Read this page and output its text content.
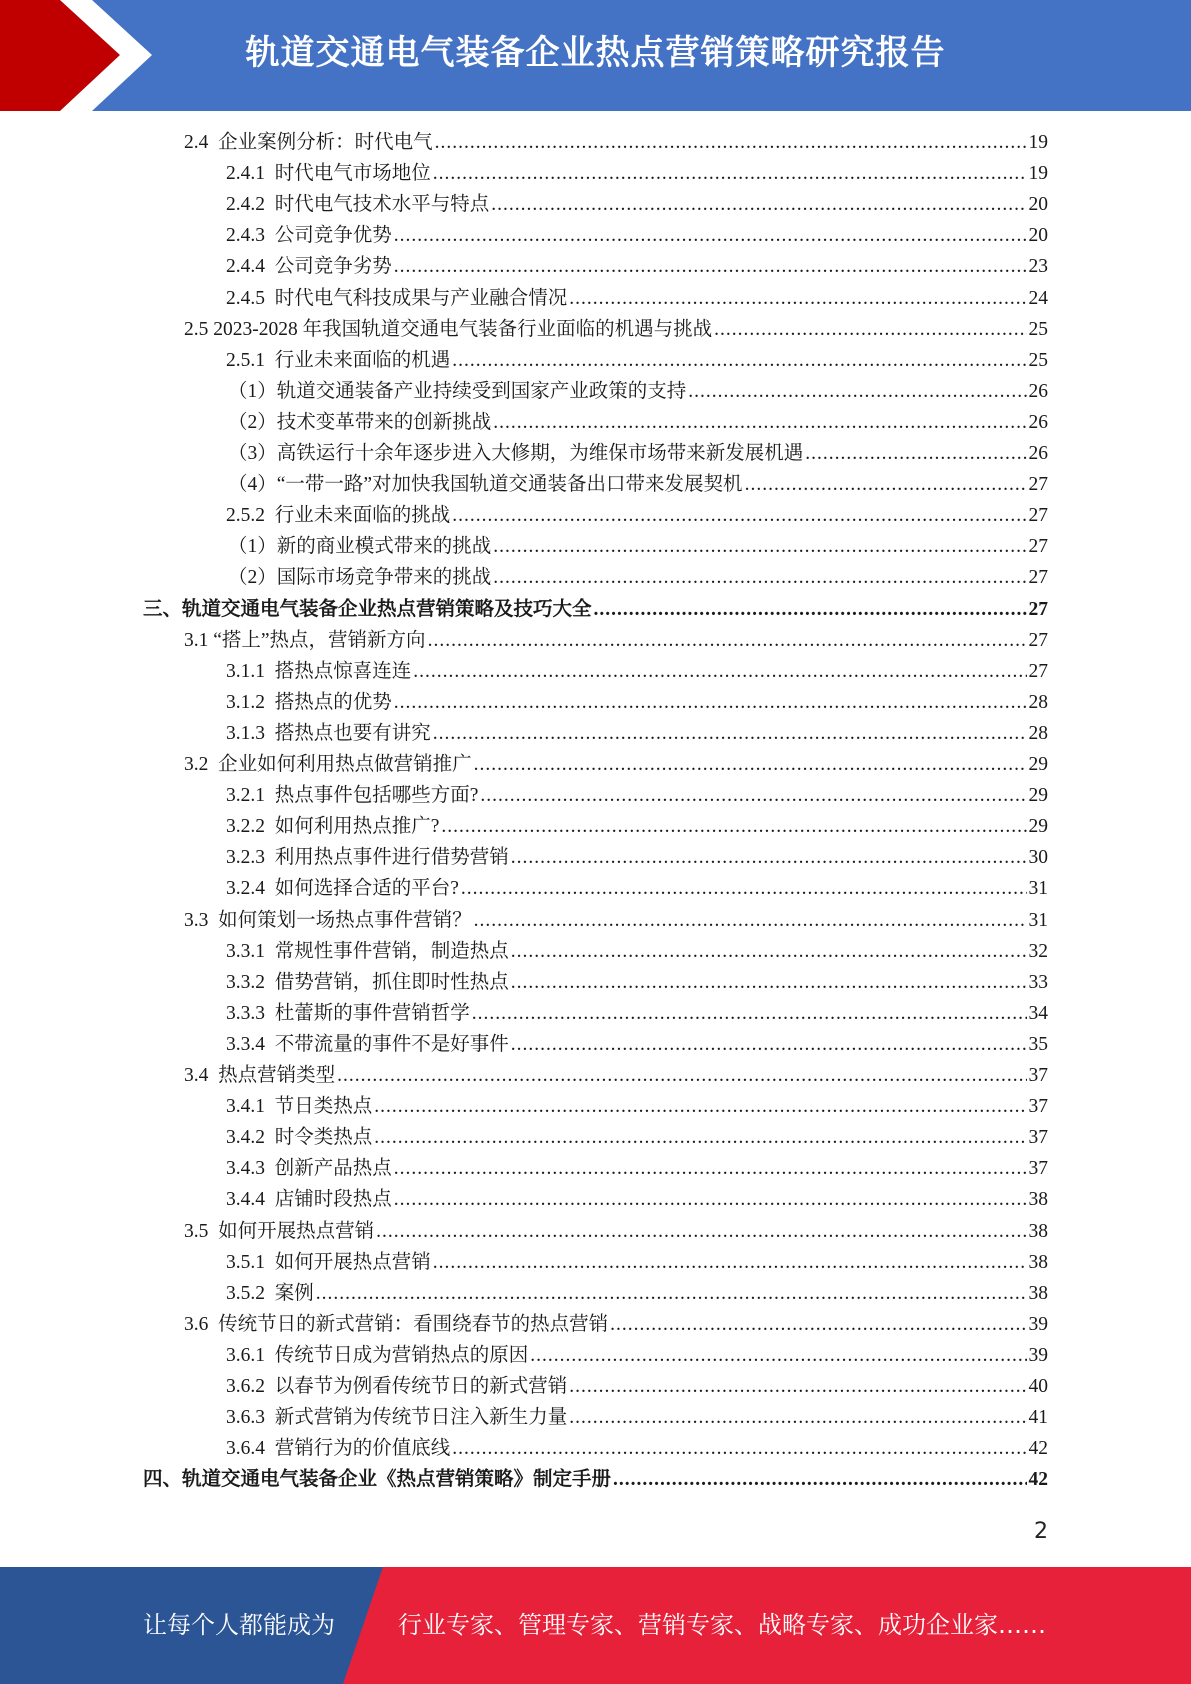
轨道交通电气装备企业热点营销策略研究报告
2.4  企业案例分析：时代电气 .....	19
2.4.1  时代电气市场地位 .....	19
2.4.2  时代电气技术水平与特点 .....	20
2.4.3  公司竞争优势 .....	20
2.4.4  公司竞争劣势 .....	23
2.4.5  时代电气科技成果与产业融合情况 .....	24
2.5 2023-2028 年我国轨道交通电气装备行业面临的机遇与挑战 .....	25
2.5.1  行业未来面临的机遇 .....	25
（1）轨道交通装备产业持续受到国家产业政策的支持 .....	26
（2）技术变革带来的创新挑战 .....	26
（3）高铁运行十余年逐步进入大修期，为维保市场带来新发展机遇 .....	26
（4）“一带一路”对加快我国轨道交通装备出口带来发展契机 .....	27
2.5.2  行业未来面临的挑战 .....	27
（1）新的商业模式带来的挑战 .....	27
（2）国际市场竞争带来的挑战 .....	27
三、轨道交通电气装备企业热点营销策略及技巧大全 .....	27
3.1 “搭上”热点，营销新方向 .....	27
3.1.1  搭热点惊喜连连 .....	27
3.1.2  搭热点的优势 .....	28
3.1.3  搭热点也要有讲究 .....	28
3.2  企业如何利用热点做营销推广 .....	29
3.2.1  热点事件包括哪些方面? .....	29
3.2.2  如何利用热点推广? .....	29
3.2.3  利用热点事件进行借势营销 .....	30
3.2.4  如何选择合适的平台? .....	31
3.3  如何策划一场热点事件营销？ .....	31
3.3.1  常规性事件营销，制造热点 .....	32
3.3.2  借势营销，抓住即时性热点 .....	33
3.3.3  杜蕾斯的事件营销哲学 .....	34
3.3.4  不带流量的事件不是好事件 .....	35
3.4  热点营销类型 .....	37
3.4.1  节日类热点 .....	37
3.4.2  时令类热点 .....	37
3.4.3  创新产品热点 .....	37
3.4.4  店铺时段热点 .....	38
3.5  如何开展热点营销 .....	38
3.5.1  如何开展热点营销 .....	38
3.5.2  案例 .....	38
3.6  传统节日的新式营销：看围绕春节的热点营销 .....	39
3.6.1  传统节日成为营销热点的原因 .....	39
3.6.2  以春节为例看传统节日的新式营销 .....	40
3.6.3  新式营销为传统节日注入新生力量 .....	41
3.6.4  营销行为的价值底线 .....	42
四、轨道交通电气装备企业《热点营销策略》制定手册 .....	42
2
让每个人都能成为	行业专家、管理专家、营销专家、战略专家、成功企业家……
